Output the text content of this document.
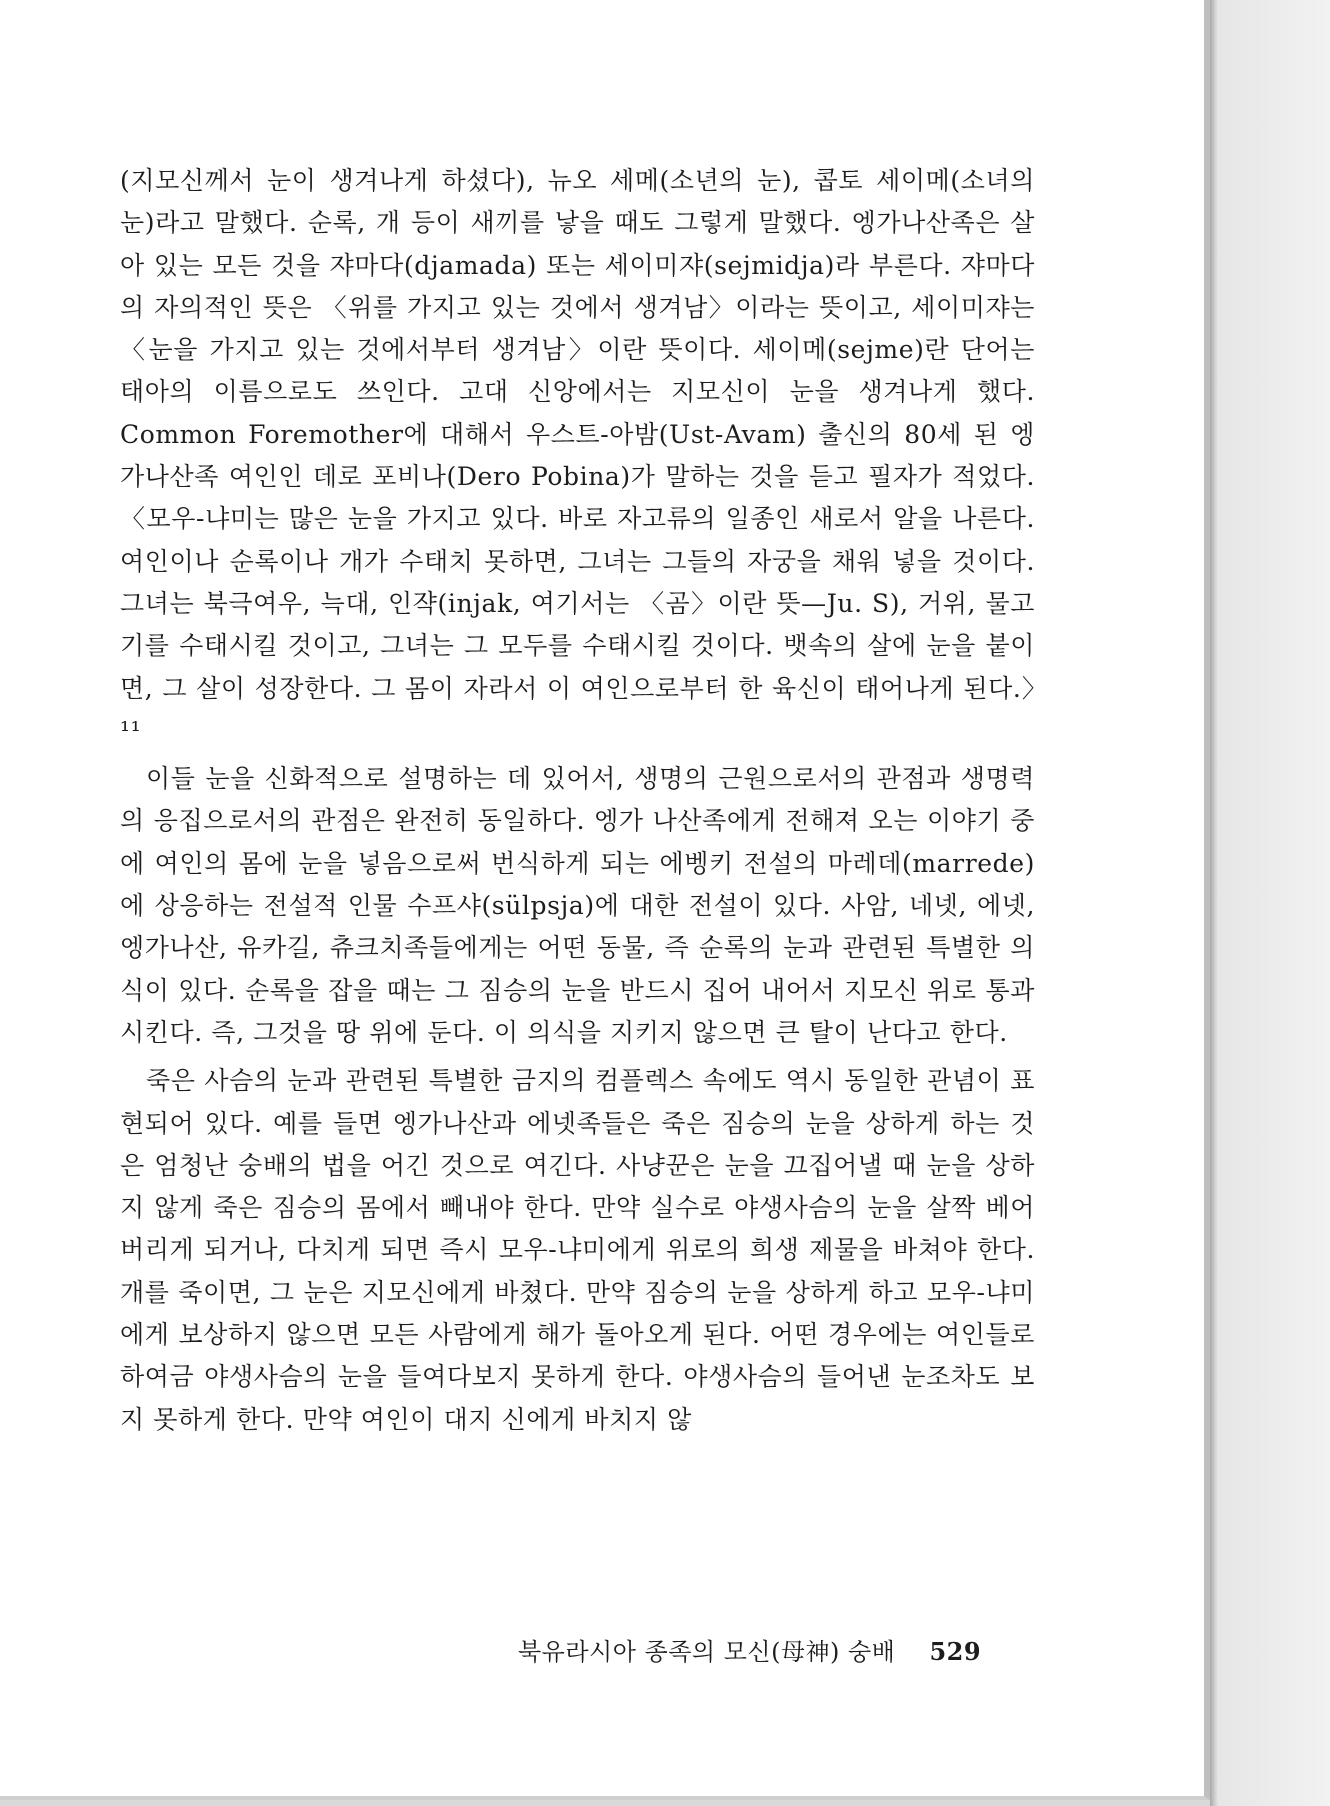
(지모신께서 눈이 생겨나게 하셨다), 뉴오 세메(소년의 눈), 콥토 세이메(소녀의 눈)라고 말했다. 순록, 개 등이 새끼를 낳을 때도 그렇게 말했다. 엥가나산족은 살아 있는 모든 것을 쟈마다(djamada) 또는 세이미쟈(sejmidja)라 부른다. 쟈마다의 자의적인 뜻은 〈위를 가지고 있는 것에서 생겨남〉이라는 뜻이고, 세이미쟈는 〈눈을 가지고 있는 것에서부터 생겨남〉이란 뜻이다. 세이메(sejme)란 단어는 태아의 이름으로도 쓰인다. 고대 신앙에서는 지모신이 눈을 생겨나게 했다. Common Foremother에 대해서 우스트-아밤(Ust-Avam) 출신의 80세 된 엥가나산족 여인인 데로 포비나(Dero Pobina)가 말하는 것을 듣고 필자가 적었다. 〈모우-냐미는 많은 눈을 가지고 있다. 바로 자고류의 일종인 새로서 알을 나른다. 여인이나 순록이나 개가 수태치 못하면, 그녀는 그들의 자궁을 채워 넣을 것이다. 그녀는 북극여우, 늑대, 인쟉(injak, 여기서는 〈곰〉이란 뜻—Ju. S), 거위, 물고기를 수태시킬 것이고, 그녀는 그 모두를 수태시킬 것이다. 뱃속의 살에 눈을 붙이면, 그 살이 성장한다. 그 몸이 자라서 이 여인으로부터 한 육신이 태어나게 된다.〉¹¹

이들 눈을 신화적으로 설명하는 데 있어서, 생명의 근원으로서의 관점과 생명력의 응집으로서의 관점은 완전히 동일하다. 엥가 나산족에게 전해져 오는 이야기 중에 여인의 몸에 눈을 넣음으로써 번식하게 되는 에벵키 전설의 마레데(marrede)에 상응하는 전설적 인물 수프샤(sülpsja)에 대한 전설이 있다. 사암, 네넷, 에넷, 엥가나산, 유카길, 츄크치족들에게는 어떤 동물, 즉 순록의 눈과 관련된 특별한 의식이 있다. 순록을 잡을 때는 그 짐승의 눈을 반드시 집어 내어서 지모신 위로 통과시킨다. 즉, 그것을 땅 위에 둔다. 이 의식을 지키지 않으면 큰 탈이 난다고 한다.

죽은 사슴의 눈과 관련된 특별한 금지의 컴플렉스 속에도 역시 동일한 관념이 표현되어 있다. 예를 들면 엥가나산과 에넷족들은 죽은 짐승의 눈을 상하게 하는 것은 엄청난 숭배의 법을 어긴 것으로 여긴다. 사냥꾼은 눈을 끄집어낼 때 눈을 상하지 않게 죽은 짐승의 몸에서 빼내야 한다. 만약 실수로 야생사슴의 눈을 살짝 베어 버리게 되거나, 다치게 되면 즉시 모우-냐미에게 위로의 희생 제물을 바쳐야 한다. 개를 죽이면, 그 눈은 지모신에게 바쳤다. 만약 짐승의 눈을 상하게 하고 모우-냐미에게 보상하지 않으면 모든 사람에게 해가 돌아오게 된다. 어떤 경우에는 여인들로 하여금 야생사슴의 눈을 들여다보지 못하게 한다. 야생사슴의 들어낸 눈조차도 보지 못하게 한다. 만약 여인이 대지 신에게 바치지 않

북유라시아 종족의 모신(母神) 숭배 529
